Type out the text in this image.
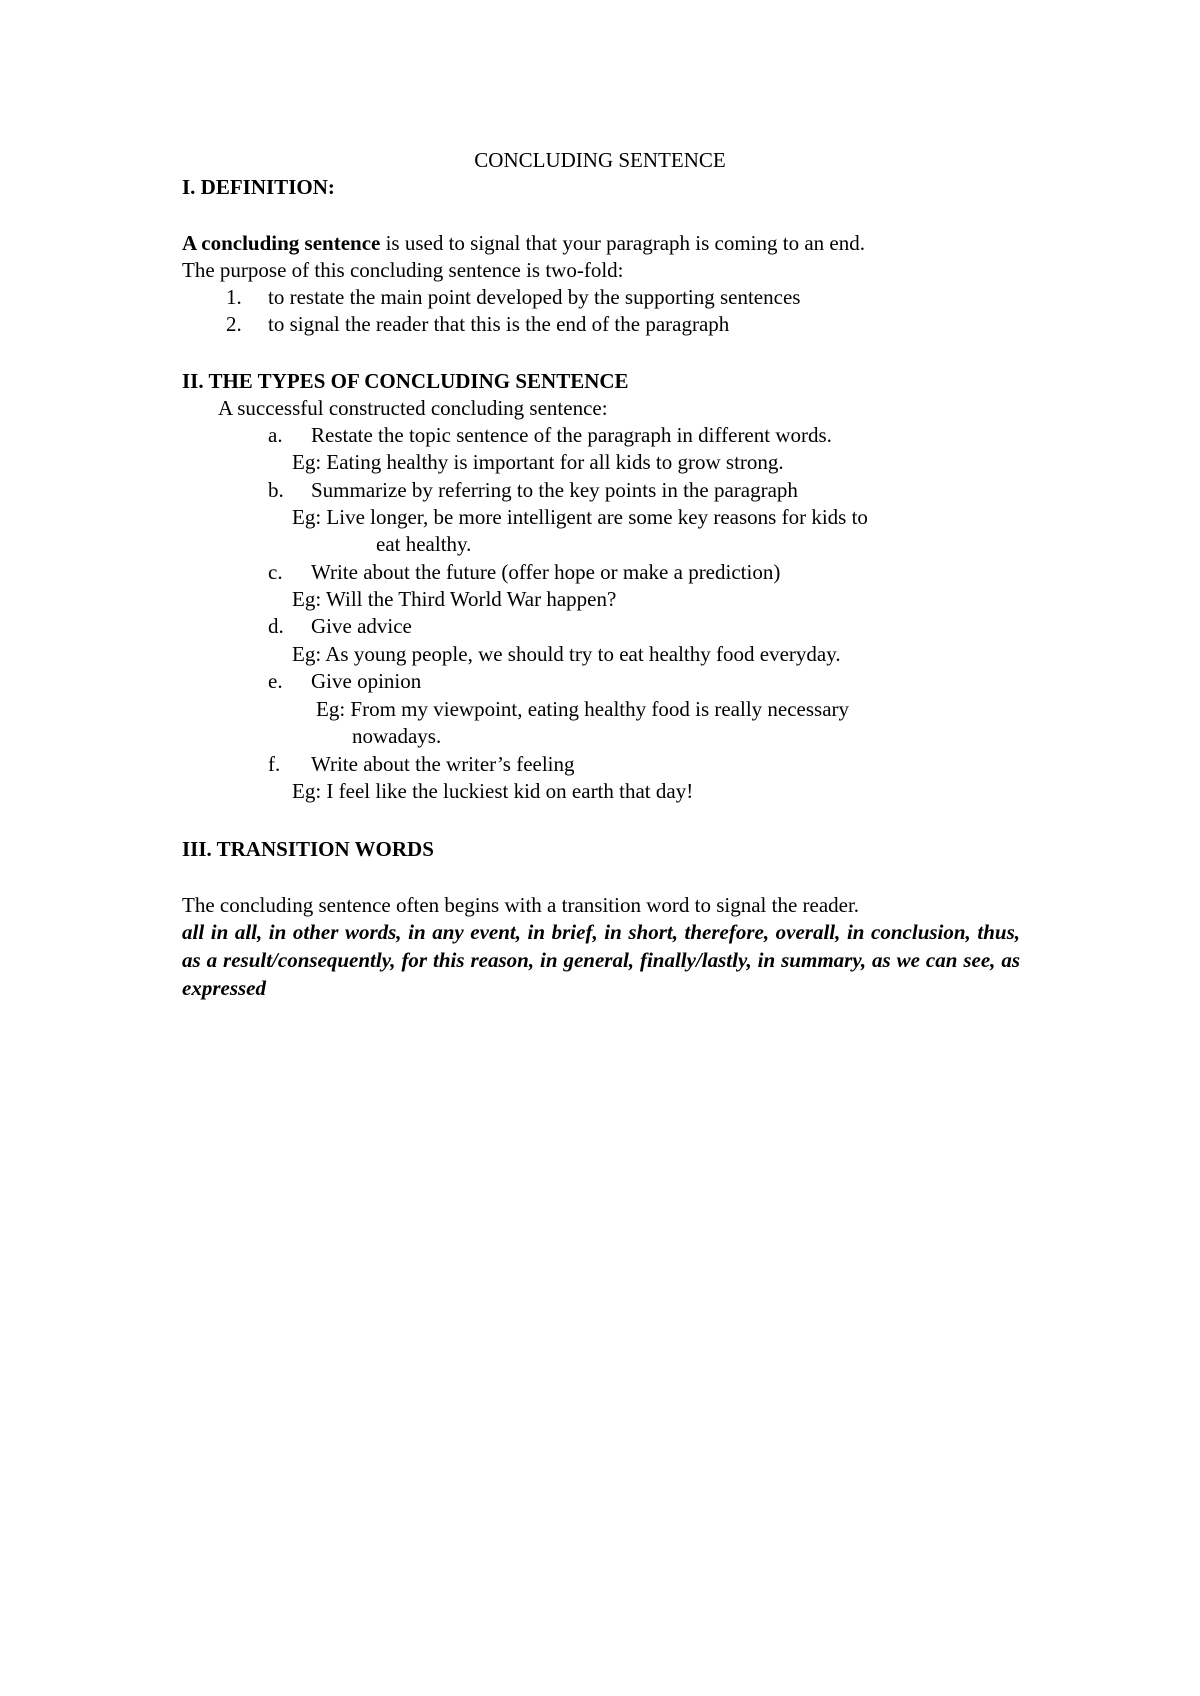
CONCLUDING SENTENCE
I. DEFINITION:
A concluding sentence is used to signal that your paragraph is coming to an end.
The purpose of this concluding sentence is two-fold:
1. to restate the main point developed by the supporting sentences
2. to signal the reader that this is the end of the paragraph
II. THE TYPES OF CONCLUDING SENTENCE
A successful constructed concluding sentence:
a. Restate the topic sentence of the paragraph in different words.
Eg: Eating healthy is important for all kids to grow strong.
b. Summarize by referring to the key points in the paragraph
Eg: Live longer, be more intelligent are some key reasons for kids to
eat healthy.
c. Write about the future (offer hope or make a prediction)
Eg: Will the Third World War happen?
d. Give advice
Eg: As young people, we should try to eat healthy food everyday.
e. Give opinion
Eg: From my viewpoint, eating healthy food is really necessary
nowadays.
f. Write about the writer’s feeling
Eg: I feel like the luckiest kid on earth that day!
III. TRANSITION WORDS
The concluding sentence often begins with a transition word to signal the reader.
all in all, in other words, in any event, in brief, in short, therefore, overall, in conclusion, thus, as a result/consequently, for this reason, in general, finally/lastly, in summary, as we can see, as expressed
